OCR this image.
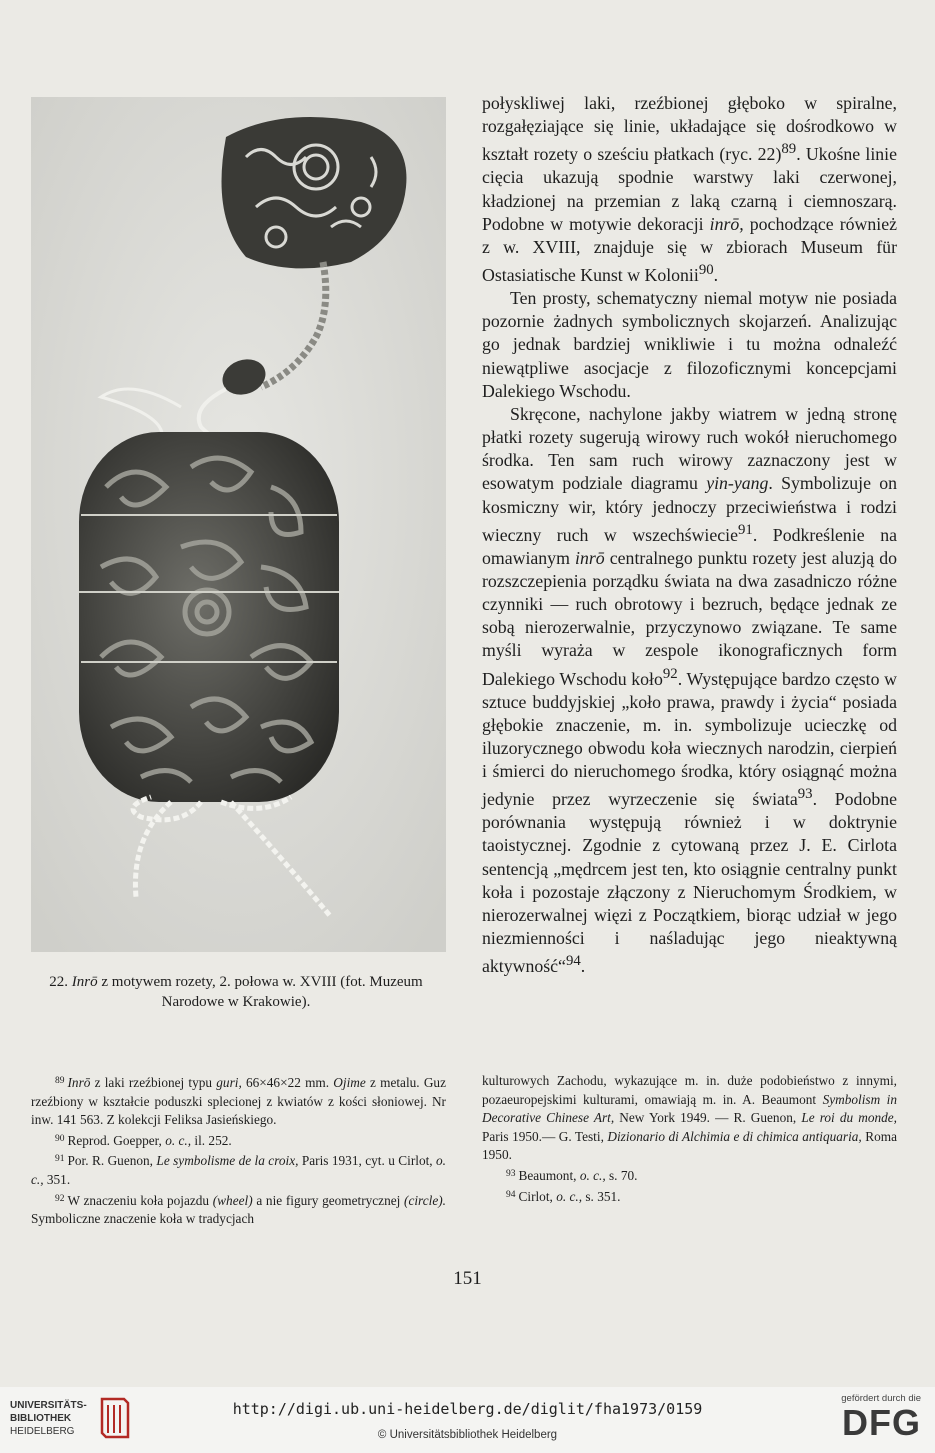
22. Inrō z motywem rozety, 2. połowa w. XVIII (fot. Muzeum Narodowe w Krakowie).

połyskliwej laki, rzeźbionej głęboko w spiralne, rozgałęziające się linie, układające się dośrodkowo w kształt rozety o sześciu płatkach (ryc. 22)$^{89}$. Ukośne linie cięcia ukazują spodnie warstwy laki czerwonej, kładzionej na przemian z laką czarną i ciemnoszarą. Podobne w motywie dekoracji inrō, pochodzące również z w. XVIII, znajduje się w zbiorach Museum für Ostasiatische Kunst w Kolonii$^{90}$.

Ten prosty, schematyczny niemal motyw nie posiada pozornie żadnych symbolicznych skojarzeń. Analizując go jednak bardziej wnikliwie i tu można odnaleźć niewątpliwe asocjacje z filozoficznymi koncepcjami Dalekiego Wschodu.

Skręcone, nachylone jakby wiatrem w jedną stronę płatki rozety sugerują wirowy ruch wokół nieruchomego środka. Ten sam ruch wirowy zaznaczony jest w esowatym podziale diagramu yin-yang. Symbolizuje on kosmiczny wir, który jednoczy przeciwieństwa i rodzi wieczny ruch w wszechświecie$^{91}$. Podkreślenie na omawianym inrō centralnego punktu rozety jest aluzją do rozszczepienia porządku świata na dwa zasadniczo różne czynniki — ruch obrotowy i bezruch, będące jednak ze sobą nierozerwalnie, przyczynowo związane. Te same myśli wyraża w zespole ikonograficznych form Dalekiego Wschodu koło$^{92}$. Występujące bardzo często w sztuce buddyjskiej „koło prawa, prawdy i życia“ posiada głębokie znaczenie, m. in. symbolizuje ucieczkę od iluzorycznego obwodu koła wiecznych narodzin, cierpień i śmierci do nieruchomego środka, który osiągnąć można jedynie przez wyrzeczenie się świata$^{93}$. Podobne porównania występują również i w doktrynie taoistycznej. Zgodnie z cytowaną przez J. E. Cirlota sentencją „mędrcem jest ten, kto osiągnie centralny punkt koła i pozostaje złączony z Nieruchomym Środkiem, w nierozerwalnej więzi z Początkiem, biorąc udział w jego niezmienności i naśladując jego nieaktywną aktywność“$^{94}$.

$^{89}$ Inrō z laki rzeźbionej typu guri, 66×46×22 mm. Ojime z metalu. Guz rzeźbiony w kształcie poduszki splecionej z kwiatów z kości słoniowej. Nr inw. 141 563. Z kolekcji Feliksa Jasieńskiego.

$^{90}$ Reprod. Goepper, o. c., il. 252.

$^{91}$ Por. R. Guenon, Le symbolisme de la croix, Paris 1931, cyt. u Cirlot, o. c., 351.

$^{92}$ W znaczeniu koła pojazdu (wheel) a nie figury geometrycznej (circle). Symboliczne znaczenie koła w tradycjach

kulturowych Zachodu, wykazujące m. in. duże podobieństwo z innymi, pozaeuropejskimi kulturami, omawiają m. in. A. Beaumont Symbolism in Decorative Chinese Art, New York 1949. — R. Guenon, Le roi du monde, Paris 1950.— G. Testi, Dizionario di Alchimia e di chimica antiquaria, Roma 1950.

$^{93}$ Beaumont, o. c., s. 70.

$^{94}$ Cirlot, o. c., s. 351.

151
UNIVERSITÄTS-
BIBLIOTHEK
HEIDELBERG
http://digi.ub.uni-heidelberg.de/diglit/fha1973/0159
© Universitätsbibliothek Heidelberg
gefördert durch die
DFG
